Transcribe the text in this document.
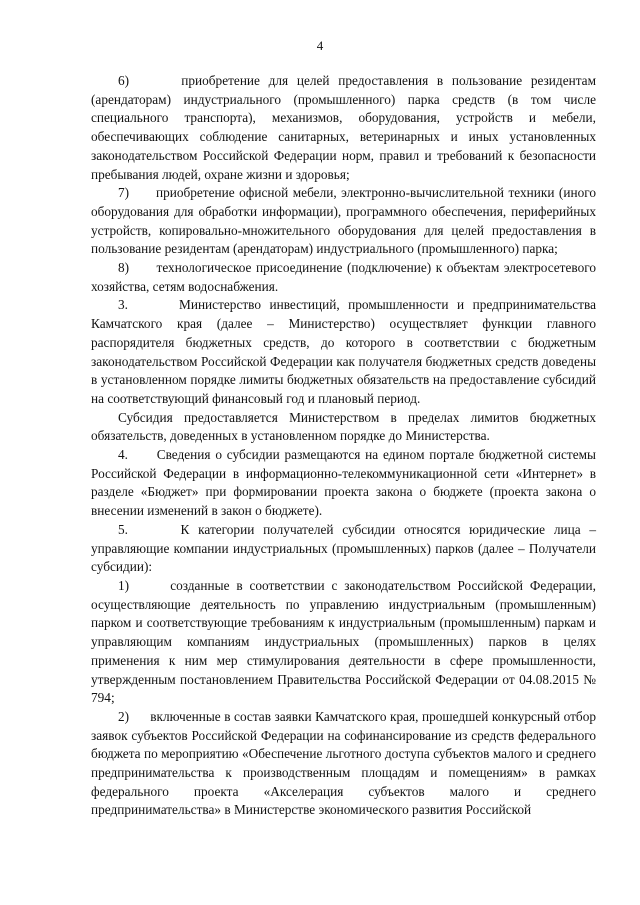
4

6)      приобретение для целей предоставления в пользование резидентам (арендаторам) индустриального (промышленного) парка средств (в том числе специального транспорта), механизмов, оборудования, устройств и мебели, обеспечивающих соблюдение санитарных, ветеринарных и иных установленных законодательством Российской Федерации норм, правил и требований к безопасности пребывания людей, охране жизни и здоровья;

7)      приобретение офисной мебели, электронно-вычислительной техники (иного оборудования для обработки информации), программного обеспечения, периферийных устройств, копировально-множительного оборудования для целей предоставления в пользование резидентам (арендаторам) индустриального (промышленного) парка;

8)      технологическое присоединение (подключение) к объектам электросетевого хозяйства, сетям водоснабжения.

3.      Министерство инвестиций, промышленности и предпринимательства Камчатского края (далее – Министерство) осуществляет функции главного распорядителя бюджетных средств, до которого в соответствии с бюджетным законодательством Российской Федерации как получателя бюджетных средств доведены в установленном порядке лимиты бюджетных обязательств на предоставление субсидий на соответствующий финансовый год и плановый период.

Субсидия предоставляется Министерством в пределах лимитов бюджетных обязательств, доведенных в установленном порядке до Министерства.

4.      Сведения о субсидии размещаются на едином портале бюджетной системы Российской Федерации в информационно-телекоммуникационной сети «Интернет» в разделе «Бюджет» при формировании проекта закона о бюджете (проекта закона о внесении изменений в закон о бюджете).

5.      К категории получателей субсидии относятся юридические лица – управляющие компании индустриальных (промышленных) парков (далее – Получатели субсидии):

1)      созданные в соответствии с законодательством Российской Федерации, осуществляющие деятельность по управлению индустриальным (промышленным) парком и соответствующие требованиям к индустриальным (промышленным) паркам и управляющим компаниям индустриальных (промышленных) парков в целях применения к ним мер стимулирования деятельности в сфере промышленности, утвержденным постановлением Правительства Российской Федерации от 04.08.2015 № 794;

2)      включенные в состав заявки Камчатского края, прошедшей конкурсный отбор заявок субъектов Российской Федерации на софинансирование из средств федерального бюджета по мероприятию «Обеспечение льготного доступа субъектов малого и среднего предпринимательства к производственным площадям и помещениям» в рамках федерального проекта «Акселерация субъектов малого и среднего предпринимательства» в Министерстве экономического развития Российской
